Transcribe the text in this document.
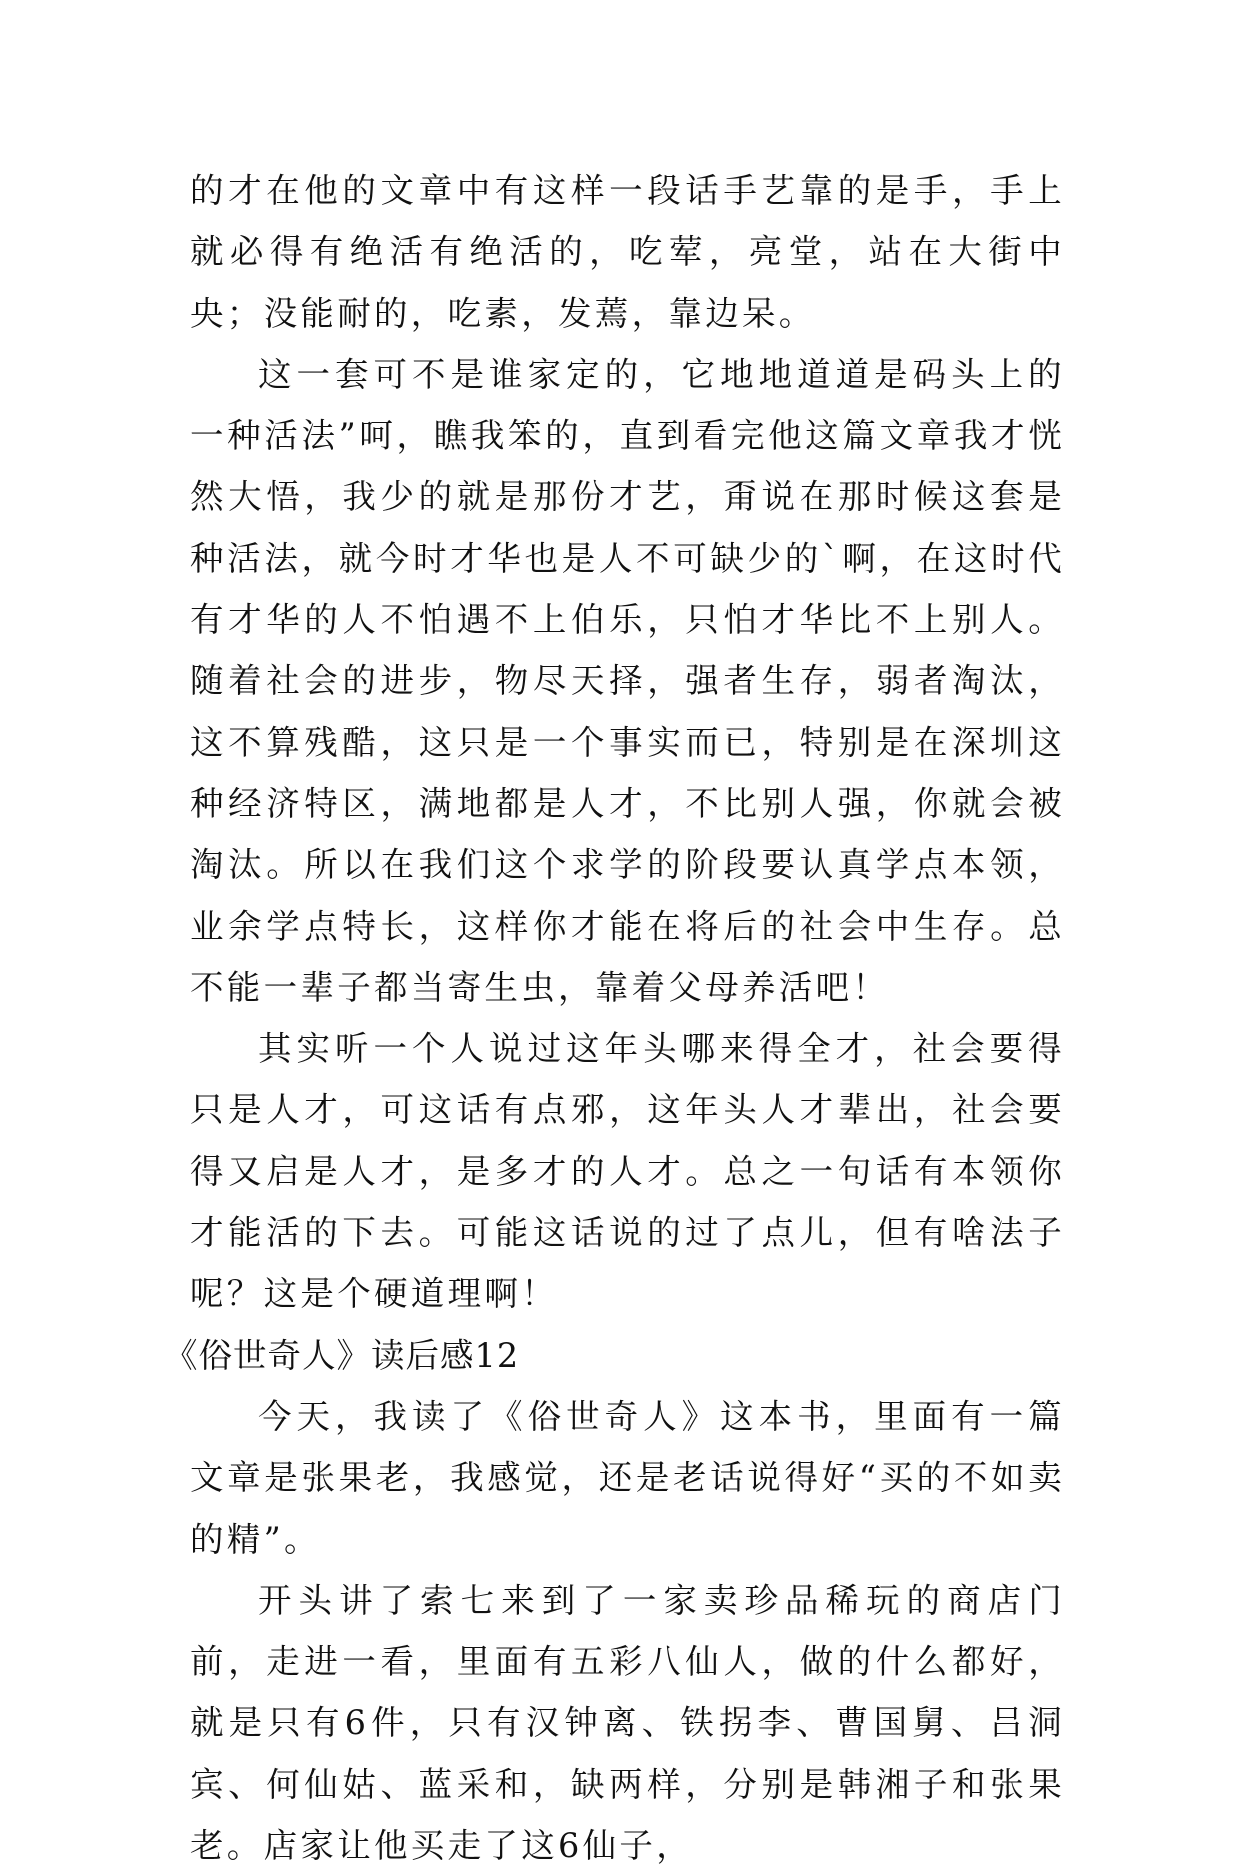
的才在他的文章中有这样一段话手艺靠的是手，手上就必得有绝活有绝活的，吃荤，亮堂，站在大街中央；没能耐的，吃素，发蔫，靠边呆。

这一套可不是谁家定的，它地地道道是码头上的一种活法”呵，瞧我笨的，直到看完他这篇文章我才恍然大悟，我少的就是那份才艺，甭说在那时候这套是种活法，就今时才华也是人不可缺少的`啊，在这时代有才华的人不怕遇不上伯乐，只怕才华比不上别人。随着社会的进步，物尽天择，强者生存，弱者淘汰，这不算残酷，这只是一个事实而已，特别是在深圳这种经济特区，满地都是人才，不比别人强，你就会被淘汰。所以在我们这个求学的阶段要认真学点本领，业余学点特长，这样你才能在将后的社会中生存。总不能一辈子都当寄生虫，靠着父母养活吧！

其实听一个人说过这年头哪来得全才，社会要得只是人才，可这话有点邪，这年头人才辈出，社会要得又启是人才，是多才的人才。总之一句话有本领你才能活的下去。可能这话说的过了点儿，但有啥法子呢？这是个硬道理啊！

《俗世奇人》读后感12

今天，我读了《俗世奇人》这本书，里面有一篇文章是张果老，我感觉，还是老话说得好“买的不如卖的精”。

开头讲了索七来到了一家卖珍品稀玩的商店门前，走进一看，里面有五彩八仙人，做的什么都好，就是只有6件，只有汉钟离、铁拐李、曹国舅、吕洞宾、何仙姑、蓝采和，缺两样，分别是韩湘子和张果老。店家让他买走了这6仙子，
